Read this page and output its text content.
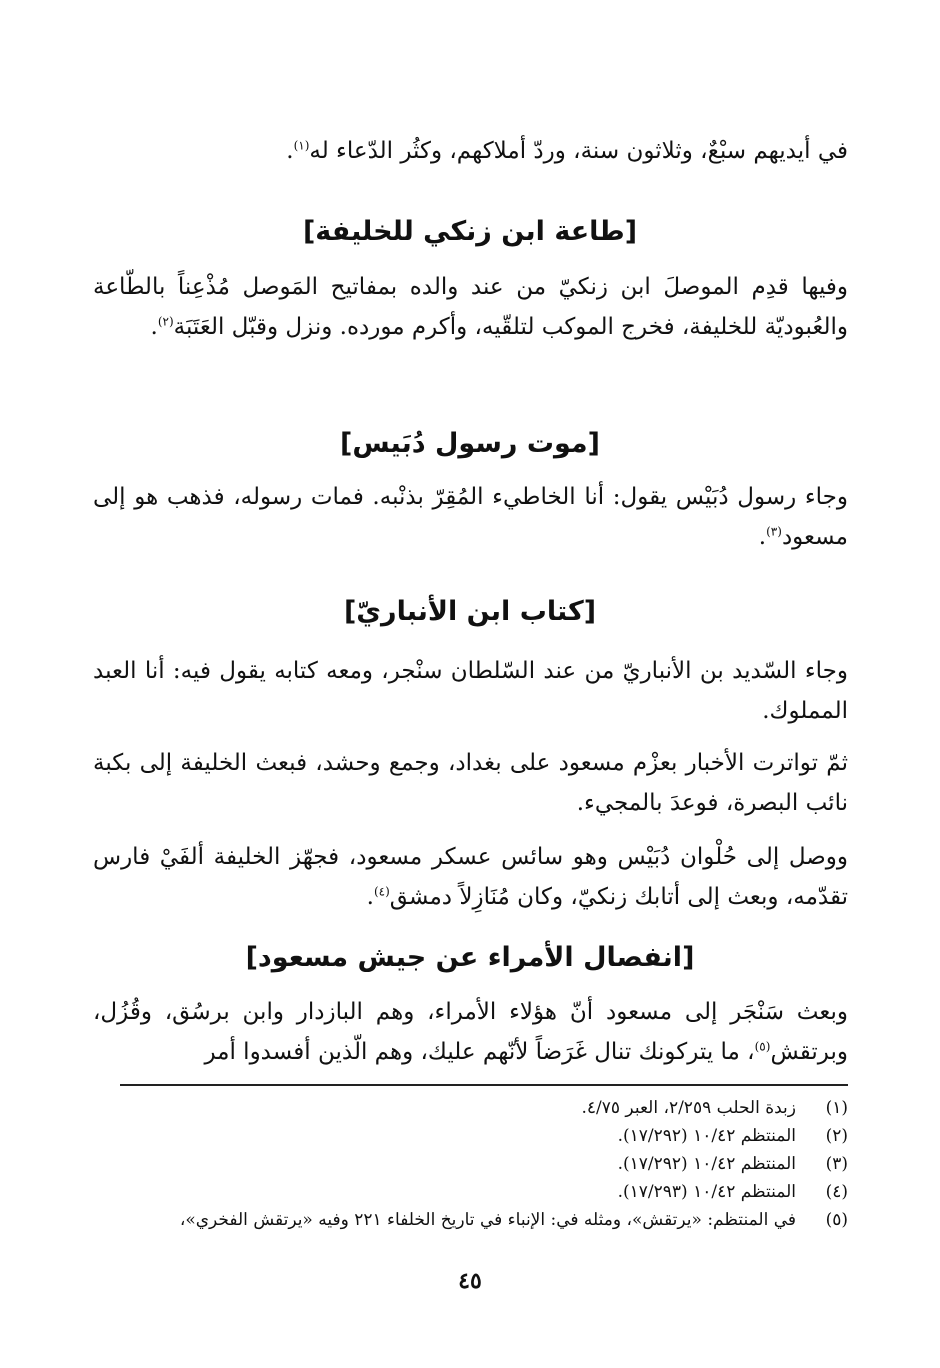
في أيديهم سبْعٌ، وثلاثون سنة، وردّ أملاكهم، وكثُر الدّعاء له$^{(١)}$.
[طاعة ابن زنكي للخليفة]
وفيها قدِم الموصلَ ابن زنكيّ من عند والده بمفاتيح المَوصل مُذْعِناً بالطّاعة والعُبوديّة للخليفة، فخرج الموكب لتلقّيه، وأكرم مورده. ونزل وقبّل العَتَبَة$^{(٢)}$.
[موت رسول دُبَيس]
وجاء رسول دُبَيْس يقول: أنا الخاطيء المُقِرّ بذنْبه. فمات رسوله، فذهب هو إلى مسعود$^{(٣)}$.
[كتاب ابن الأنباريّ]
وجاء السّديد بن الأنباريّ من عند السّلطان سنْجر، ومعه كتابه يقول فيه: أنا العبد المملوك.
ثمّ تواترت الأخبار بعزْم مسعود على بغداد، وجمع وحشد، فبعث الخليفة إلى بكبة نائب البصرة، فوعدَ بالمجيء.
ووصل إلى حُلْوان دُبَيْس وهو سائس عسكر مسعود، فجهّز الخليفة ألفَيْ فارس تقدّمه، وبعث إلى أتابك زنكيّ، وكان مُنَازِلاً دمشق$^{(٤)}$.
[انفصال الأمراء عن جيش مسعود]
وبعث سَنْجَر إلى مسعود أنّ هؤلاء الأمراء، وهم البازدار وابن برسُق، وقُزُل، وبرتقش$^{(٥)}$، ما يتركونك تنال غَرَضاً لأنّهم عليك، وهم الّذين أفسدوا أمر
(١)
زبدة الحلب ٢/٢٥٩، العبر ٤/٧٥.
(٢)
المنتظم ١٠/٤٢ (١٧/٢٩٢).
(٣)
المنتظم ١٠/٤٢ (١٧/٢٩٢).
(٤)
المنتظم ١٠/٤٢ (١٧/٢٩٣).
(٥)
في المنتظم: «يرتقش»، ومثله في: الإنباء في تاريخ الخلفاء ٢٢١ وفيه «يرتقش الفخري»،
٤٥
